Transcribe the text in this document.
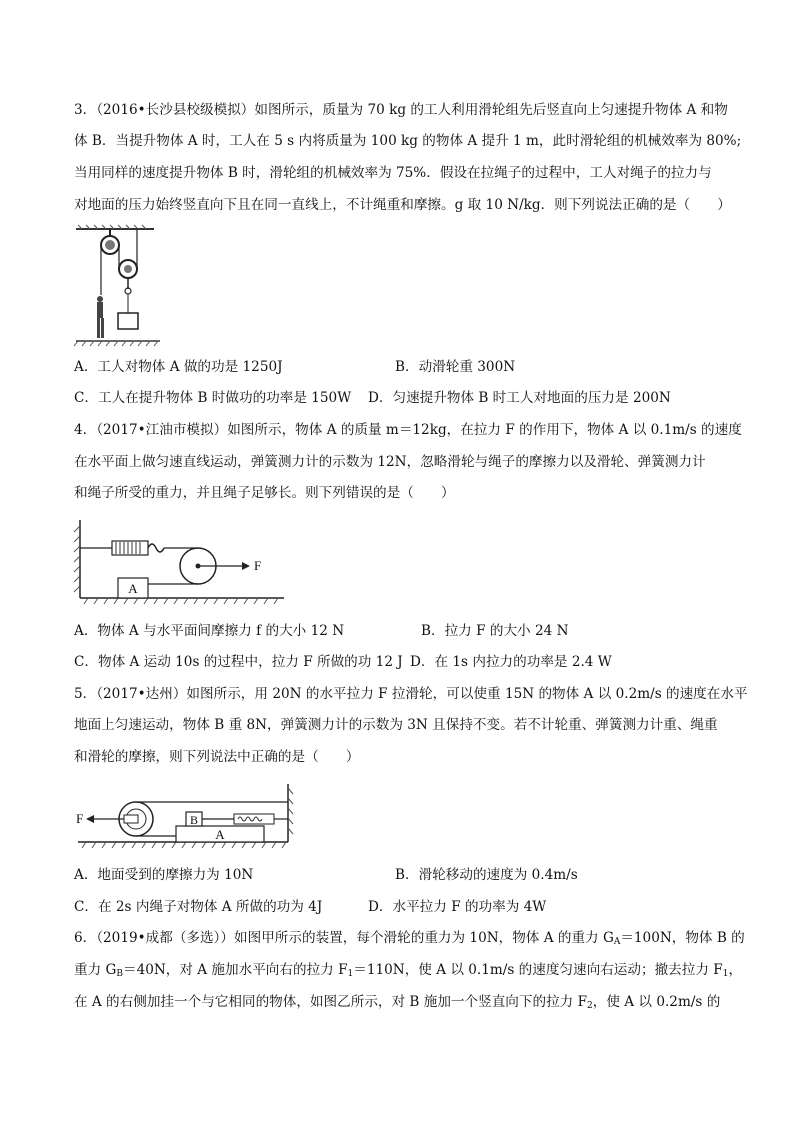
3．（2016•长沙县校级模拟）如图所示，质量为 70 kg 的工人利用滑轮组先后竖直向上匀速提升物体 A 和物
体 B．当提升物体 A 时，工人在 5 s 内将质量为 100 kg 的物体 A 提升 1 m，此时滑轮组的机械效率为 80%;
当用同样的速度提升物体 B 时，滑轮组的机械效率为 75%．假设在拉绳子的过程中，工人对绳子的拉力与
对地面的压力始终竖直向下且在同一直线上，不计绳重和摩擦。g 取 10 N/kg．则下列说法正确的是（　　）
A．工人对物体 A 做的功是 1250J	B．动滑轮重 300N
C．工人在提升物体 B 时做功的功率是 150W D．匀速提升物体 B 时工人对地面的压力是 200N
4．（2017•江油市模拟）如图所示，物体 A 的质量 m＝12kg，在拉力 F 的作用下，物体 A 以 0.1m/s 的速度
在水平面上做匀速直线运动，弹簧测力计的示数为 12N，忽略滑轮与绳子的摩擦力以及滑轮、弹簧测力计
和绳子所受的重力，并且绳子足够长。则下列错误的是（　　）
A
F
A．物体 A 与水平面间摩擦力 f 的大小 12 N	B．拉力 F 的大小 24 N
C．物体 A 运动 10s 的过程中，拉力 F 所做的功 12 J D．在 1s 内拉力的功率是 2.4 W
5．（2017•达州）如图所示，用 20N 的水平拉力 F 拉滑轮，可以使重 15N 的物体 A 以 0.2m/s 的速度在水平
地面上匀速运动，物体 B 重 8N，弹簧测力计的示数为 3N 且保持不变。若不计轮重、弹簧测力计重、绳重
和滑轮的摩擦，则下列说法中正确的是（　　）
A
B
F
A．地面受到的摩擦力为 10N	B．滑轮移动的速度为 0.4m/s
C．在 2s 内绳子对物体 A 所做的功为 4J	D．水平拉力 F 的功率为 4W
6．（2019•成都（多选））如图甲所示的装置，每个滑轮的重力为 10N，物体 A 的重力 $G_A=100N$，物体 B 的
重力 $G_B=40N$，对 A 施加水平向右的拉力 $F_1=110N$，使 A 以 0.1m/s 的速度匀速向右运动；撤去拉力 $F_1$，
在 A 的右侧加挂一个与它相同的物体，如图乙所示，对 B 施加一个竖直向下的拉力 $F_2$，使 A 以 0.2m/s 的
